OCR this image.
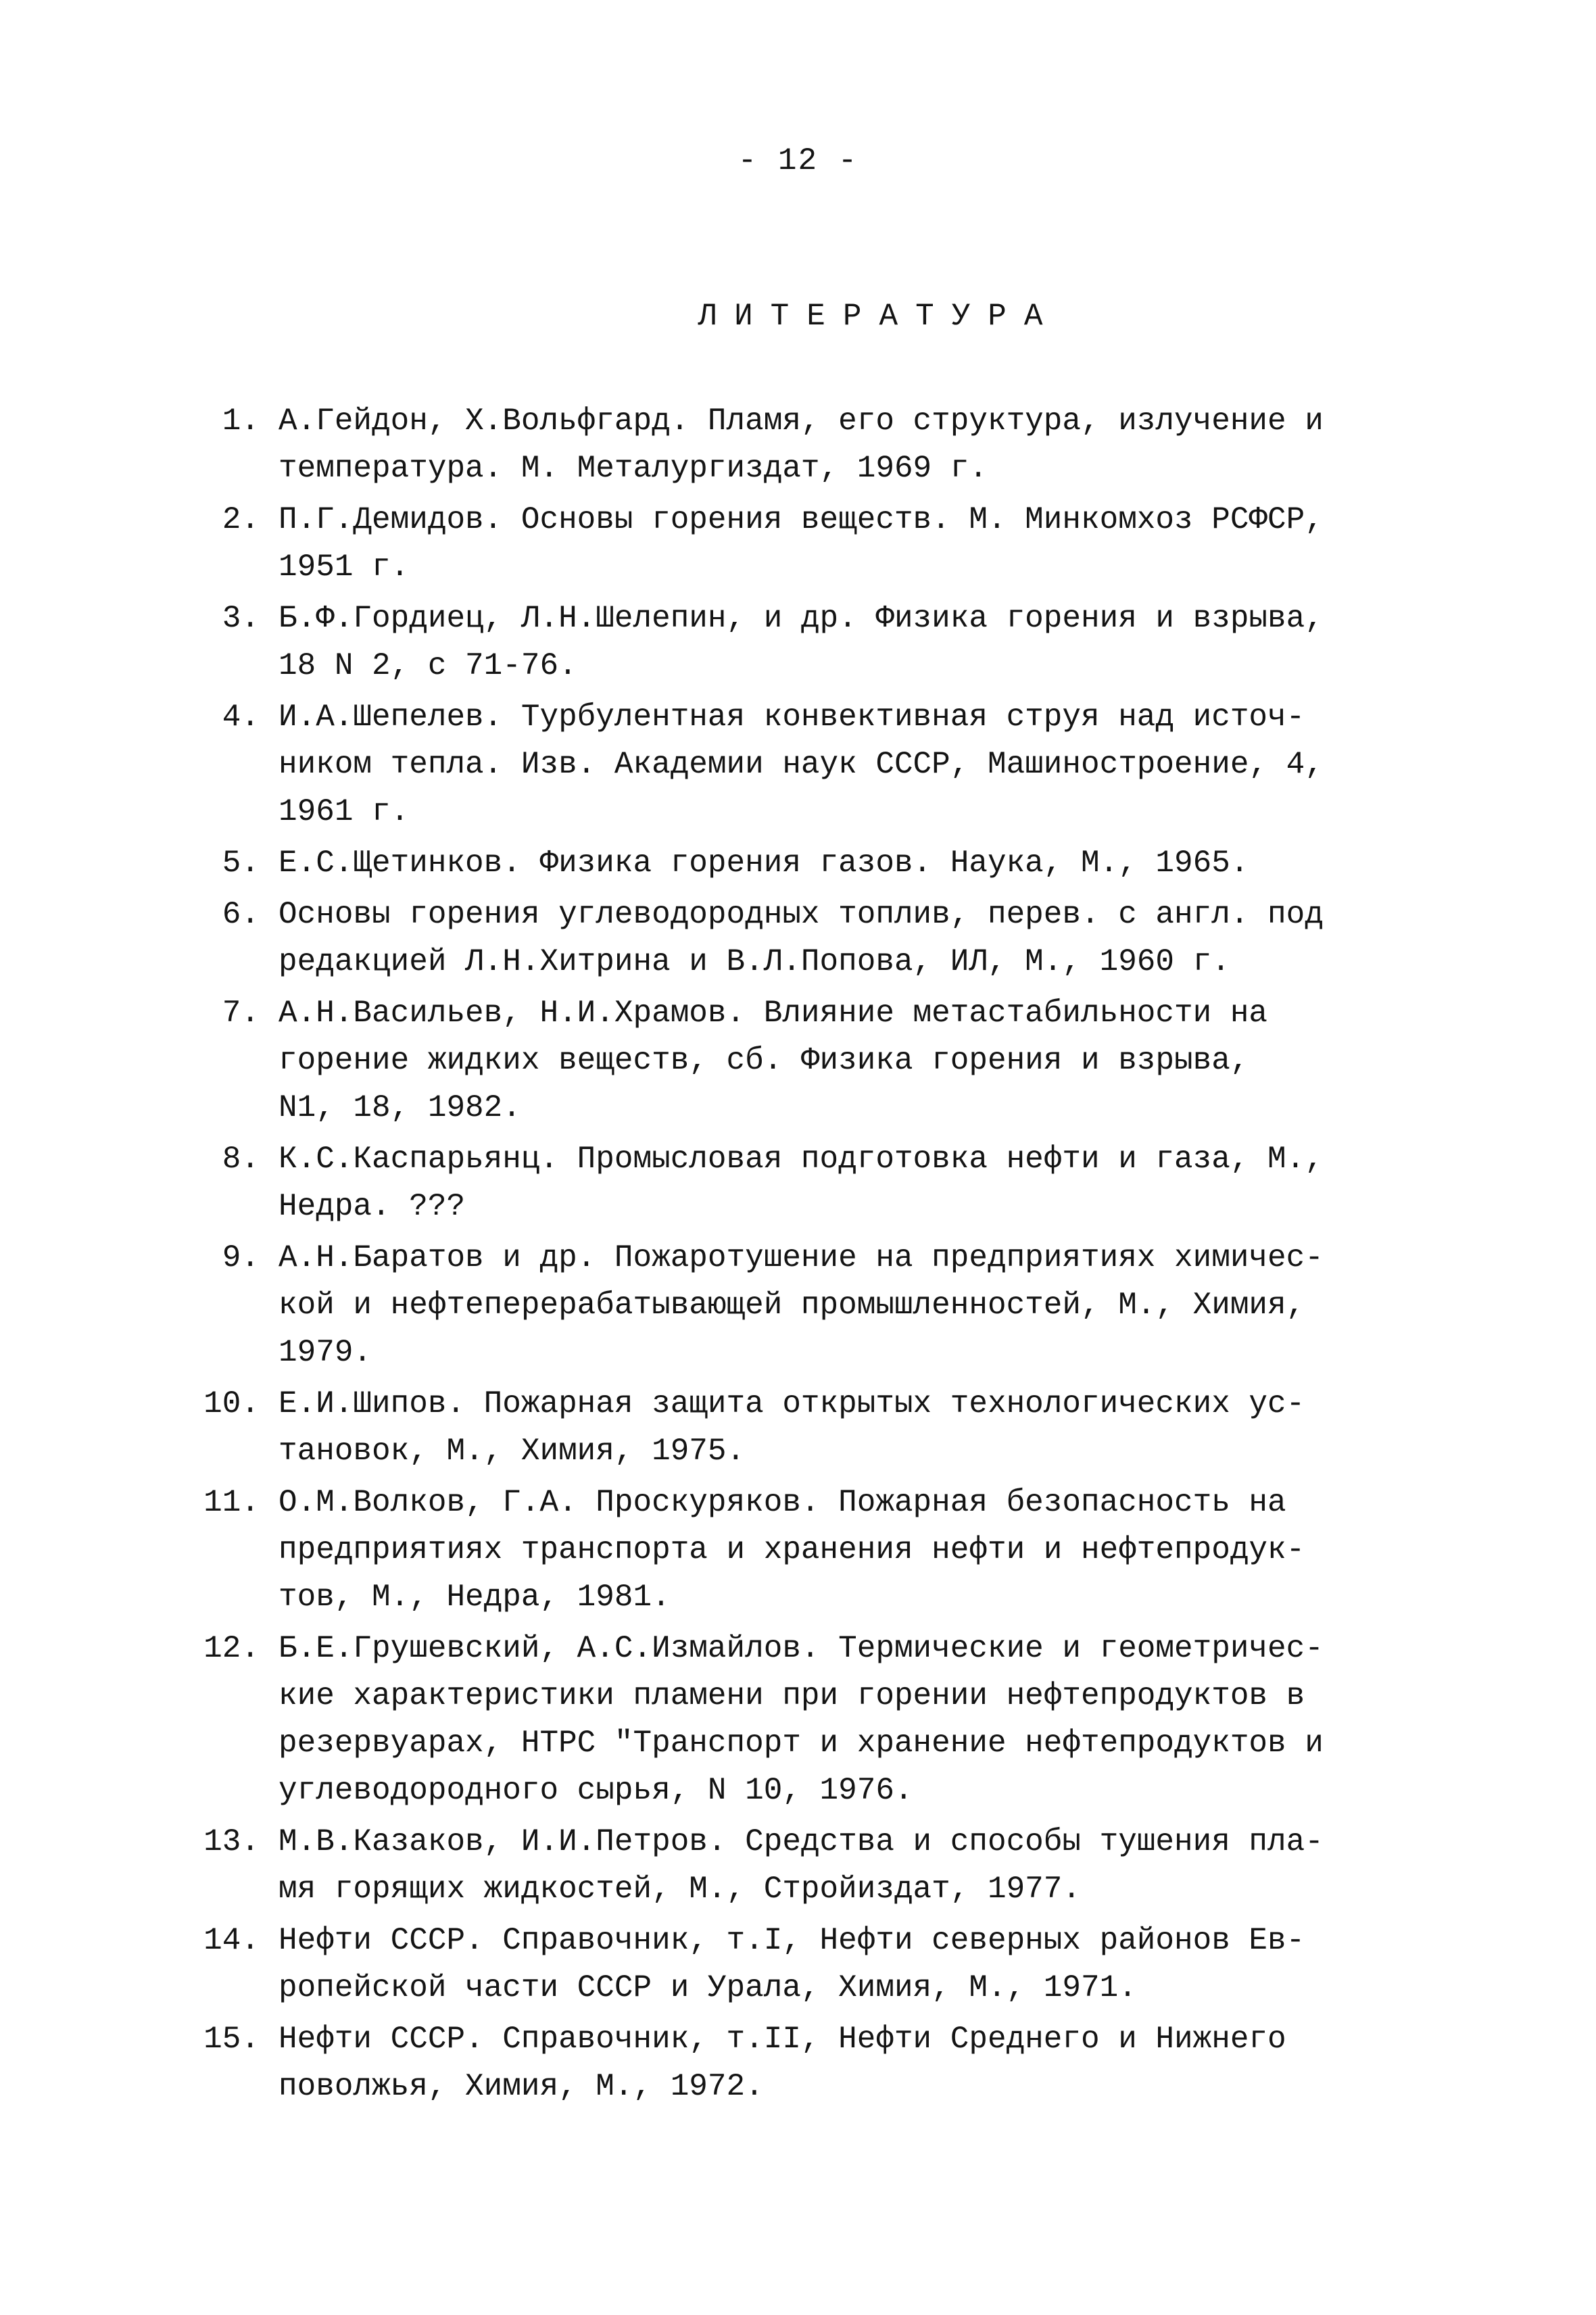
- 12 -
ЛИТЕРАТУРА
1. А.Гейдон, Х.Вольфгард. Пламя, его структура, излучение и
температура. М. Металургиздат, 1969 г.
2. П.Г.Демидов. Основы горения веществ. М. Минкомхоз РСФСР,
1951 г.
3. Б.Ф.Гордиец, Л.Н.Шелепин, и др. Физика горения и взрыва,
18 N 2, с 71-76.
4. И.А.Шепелев. Турбулентная конвективная струя над источ-
ником тепла. Изв. Академии наук СССР, Машиностроение, 4,
1961 г.
5. Е.С.Щетинков. Физика горения газов. Наука, М., 1965.
6. Основы горения углеводородных топлив, перев. с англ. под
редакцией Л.Н.Хитрина и В.Л.Попова, ИЛ, М., 1960 г.
7. А.Н.Васильев, Н.И.Храмов. Влияние метастабильности на
горение жидких веществ, сб. Физика горения и взрыва,
N1, 18, 1982.
8. К.С.Каспарьянц. Промысловая подготовка нефти и газа, М.,
Недра. ???
9. А.Н.Баратов и др. Пожаротушение на предприятиях химичес-
кой и нефтеперерабатывающей промышленностей, М., Химия,
1979.
10. Е.И.Шипов. Пожарная защита открытых технологических ус-
тановок, М., Химия, 1975.
11. О.М.Волков, Г.А. Проскуряков. Пожарная безопасность на
предприятиях транспорта и хранения нефти и нефтепродук-
тов, М., Недра, 1981.
12. Б.Е.Грушевский, А.С.Измайлов. Термические и геометричес-
кие характеристики пламени при горении нефтепродуктов в
резервуарах, НТРС "Транспорт и хранение нефтепродуктов и
углеводородного сырья, N 10, 1976.
13. М.В.Казаков, И.И.Петров. Средства и способы тушения пла-
мя горящих жидкостей, М., Стройиздат, 1977.
14. Нефти СССР. Справочник, т.I, Нефти северных районов Ев-
ропейской части СССР и Урала, Химия, М., 1971.
15. Нефти СССР. Справочник, т.II, Нефти Среднего и Нижнего
поволжья, Химия, М., 1972.
